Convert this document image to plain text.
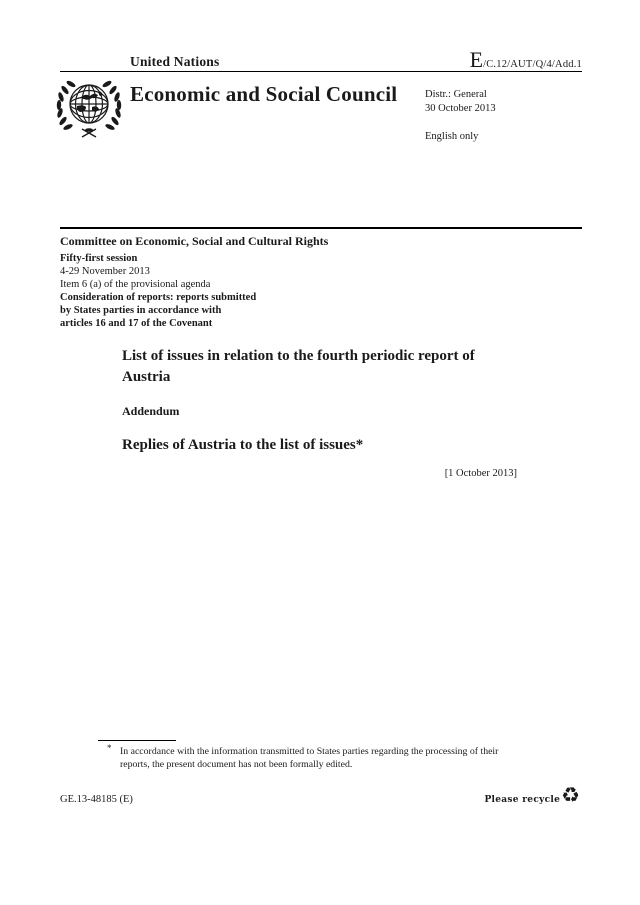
United Nations	E/C.12/AUT/Q/4/Add.1
Economic and Social Council	Distr.: General
30 October 2013
English only
Committee on Economic, Social and Cultural Rights
Fifty-first session
4-29 November 2013
Item 6 (a) of the provisional agenda
Consideration of reports: reports submitted
by States parties in accordance with
articles 16 and 17 of the Covenant
List of issues in relation to the fourth periodic report of
Austria
Addendum
Replies of Austria to the list of issues*
[1 October 2013]
* In accordance with the information transmitted to States parties regarding the processing of their
reports, the present document has not been formally edited.
GE.13-48185 (E)	Please recycle ♻
